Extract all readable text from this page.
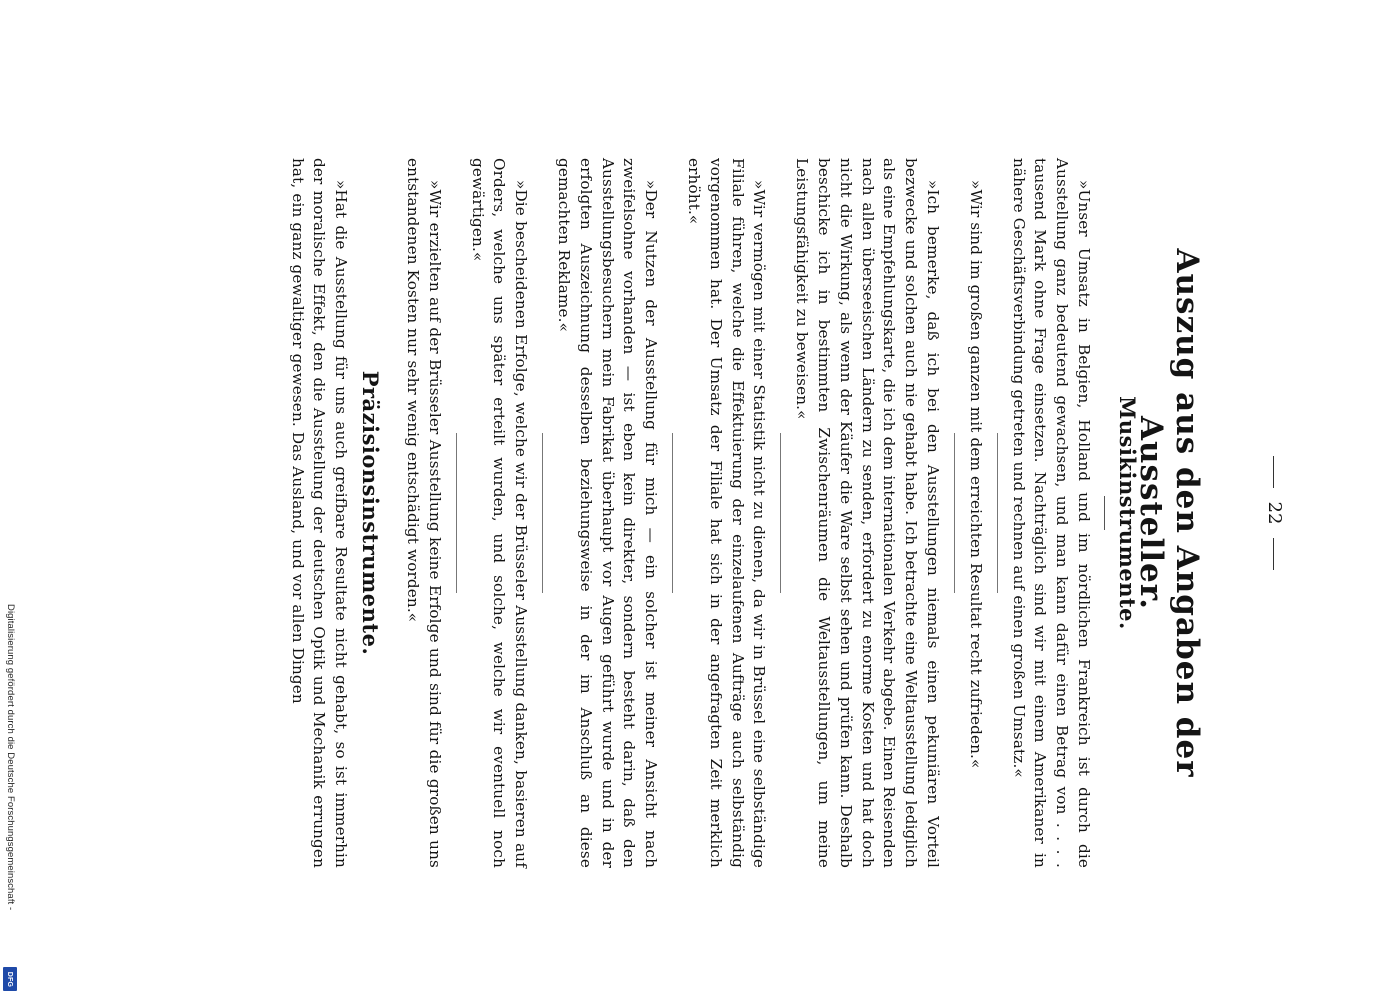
Digitalisierung gefördert durch die Deutsche Forschungsgemeinschaft -
DFG
22
Auszug aus den Angaben der Aussteller.
Musikinstrumente.

»Unser Umsatz in Belgien, Holland und im nördlichen Frankreich ist durch die Ausstellung ganz bedeutend gewachsen, und man kann dafür einen Betrag von . . . . tausend Mark ohne Frage einsetzen. Nachträglich sind wir mit einem Amerikaner in nähere Geschäftsverbindung getreten und rechnen auf einen großen Umsatz.«

»Wir sind im großen ganzen mit dem erreichten Resultat recht zufrieden.«

»Ich bemerke, daß ich bei den Ausstellungen niemals einen pekuniären Vorteil bezwecke und solchen auch nie gehabt habe. Ich betrachte eine Weltausstellung lediglich als eine Empfehlungskarte, die ich dem internationalen Verkehr abgebe. Einen Reisenden nach allen überseeischen Ländern zu senden, erfordert zu enorme Kosten und hat doch nicht die Wirkung, als wenn der Käufer die Ware selbst sehen und prüfen kann. Deshalb beschicke ich in bestimmten Zwischenräumen die Weltausstellungen, um meine Leistungsfähigkeit zu beweisen.«

»Wir vermögen mit einer Statistik nicht zu dienen, da wir in Brüssel eine selbständige Filiale führen, welche die Effektuierung der einzelaufenen Aufträge auch selbständig vorgenommen hat. Der Umsatz der Filiale hat sich in der angefragten Zeit merklich erhöht.«

»Der Nutzen der Ausstellung für mich — ein solcher ist meiner Ansicht nach zweifelsohne vorhanden — ist eben kein direkter, sondern besteht darin, daß den Ausstellungsbesuchern mein Fabrikat überhaupt vor Augen geführt wurde und in der erfolgten Auszeichnung desselben beziehungsweise in der im Anschluß an diese gemachten Reklame.«

»Die bescheidenen Erfolge, welche wir der Brüsseler Ausstellung danken, basieren auf Orders, welche uns später erteilt wurden, und solche, welche wir eventuell noch gewärtigen.«

»Wir erzielten auf der Brüsseler Ausstellung keine Erfolge und sind für die großen uns entstandenen Kosten nur sehr wenig entschädigt worden.«

Präzisionsinstrumente.

»Hat die Ausstellung für uns auch greifbare Resultate nicht gehabt, so ist immerhin der moralische Effekt, den die Ausstellung der deutschen Optik und Mechanik errungen hat, ein ganz gewaltiger gewesen. Das Ausland, und vor allen Dingen
